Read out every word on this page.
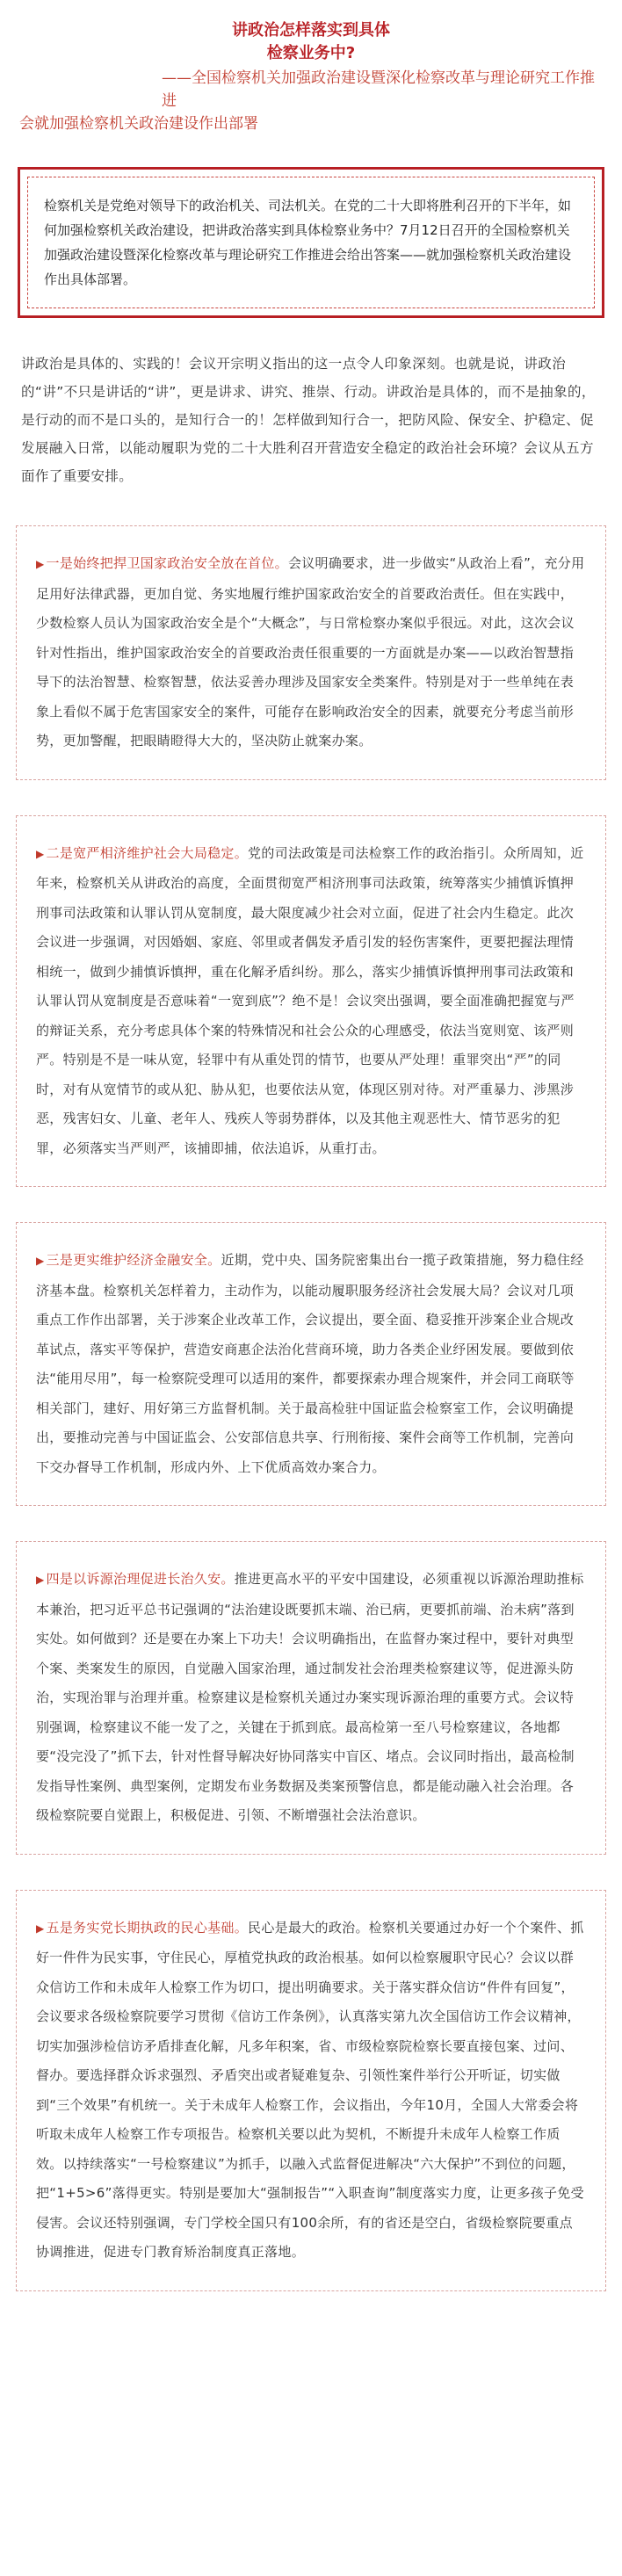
讲政治怎样落实到具体
检察业务中?
——全国检察机关加强政治建设暨深化检察改革与理论研究工作推进
会就加强检察机关政治建设作出部署
检察机关是党绝对领导下的政治机关、司法机关。在党的二十大即将胜利召开的下半年，如何加强检察机关政治建设，把讲政治落实到具体检察业务中？7月12日召开的全国检察机关加强政治建设暨深化检察改革与理论研究工作推进会给出答案——就加强检察机关政治建设作出具体部署。

讲政治是具体的、实践的！会议开宗明义指出的这一点令人印象深刻。也就是说，讲政治的“讲”不只是讲话的“讲”，更是讲求、讲究、推崇、行动。讲政治是具体的，而不是抽象的，是行动的而不是口头的，是知行合一的！怎样做到知行合一，把防风险、保安全、护稳定、促发展融入日常，以能动履职为党的二十大胜利召开营造安全稳定的政治社会环境？会议从五方面作了重要安排。

▶ 一是始终把捍卫国家政治安全放在首位。会议明确要求，进一步做实“从政治上看”，充分用足用好法律武器，更加自觉、务实地履行维护国家政治安全的首要政治责任。但在实践中，少数检察人员认为国家政治安全是个“大概念”，与日常检察办案似乎很远。对此，这次会议针对性指出，维护国家政治安全的首要政治责任很重要的一方面就是办案——以政治智慧指导下的法治智慧、检察智慧，依法妥善办理涉及国家安全类案件。特别是对于一些单纯在表象上看似不属于危害国家安全的案件，可能存在影响政治安全的因素，就要充分考虑当前形势，更加警醒，把眼睛瞪得大大的，坚决防止就案办案。
▶ 二是宽严相济维护社会大局稳定。党的司法政策是司法检察工作的政治指引。众所周知，近年来，检察机关从讲政治的高度，全面贯彻宽严相济刑事司法政策，统筹落实少捕慎诉慎押刑事司法政策和认罪认罚从宽制度，最大限度减少社会对立面，促进了社会内生稳定。此次会议进一步强调，对因婚姻、家庭、邻里或者偶发矛盾引发的轻伤害案件，更要把握法理情相统一，做到少捕慎诉慎押，重在化解矛盾纠纷。那么，落实少捕慎诉慎押刑事司法政策和认罪认罚从宽制度是否意味着“一宽到底”？绝不是！会议突出强调，要全面准确把握宽与严的辩证关系，充分考虑具体个案的特殊情况和社会公众的心理感受，依法当宽则宽、该严则严。特别是不是一味从宽，轻罪中有从重处罚的情节，也要从严处理！重罪突出“严”的同时，对有从宽情节的或从犯、胁从犯，也要依法从宽，体现区别对待。对严重暴力、涉黑涉恶，残害妇女、儿童、老年人、残疾人等弱势群体，以及其他主观恶性大、情节恶劣的犯罪，必须落实当严则严，该捕即捕，依法追诉，从重打击。
▶ 三是更实维护经济金融安全。近期，党中央、国务院密集出台一揽子政策措施，努力稳住经济基本盘。检察机关怎样着力，主动作为，以能动履职服务经济社会发展大局？会议对几项重点工作作出部署，关于涉案企业改革工作，会议提出，要全面、稳妥推开涉案企业合规改革试点，落实平等保护，营造安商惠企法治化营商环境，助力各类企业纾困发展。要做到依法“能用尽用”，每一检察院受理可以适用的案件，都要探索办理合规案件，并会同工商联等相关部门，建好、用好第三方监督机制。关于最高检驻中国证监会检察室工作，会议明确提出，要推动完善与中国证监会、公安部信息共享、行刑衔接、案件会商等工作机制，完善向下交办督导工作机制，形成内外、上下优质高效办案合力。
▶ 四是以诉源治理促进长治久安。推进更高水平的平安中国建设，必须重视以诉源治理助推标本兼治，把习近平总书记强调的“法治建设既要抓末端、治已病，更要抓前端、治未病”落到实处。如何做到？还是要在办案上下功夫！会议明确指出，在监督办案过程中，要针对典型个案、类案发生的原因，自觉融入国家治理，通过制发社会治理类检察建议等，促进源头防治，实现治罪与治理并重。检察建议是检察机关通过办案实现诉源治理的重要方式。会议特别强调，检察建议不能一发了之，关键在于抓到底。最高检第一至八号检察建议，各地都要“没完没了”抓下去，针对性督导解决好协同落实中盲区、堵点。会议同时指出，最高检制发指导性案例、典型案例，定期发布业务数据及类案预警信息，都是能动融入社会治理。各级检察院要自觉跟上，积极促进、引领、不断增强社会法治意识。
▶ 五是务实党长期执政的民心基础。民心是最大的政治。检察机关要通过办好一个个案件、抓好一件件为民实事，守住民心，厚植党执政的政治根基。如何以检察履职守民心？会议以群众信访工作和未成年人检察工作为切口，提出明确要求。关于落实群众信访“件件有回复”，会议要求各级检察院要学习贯彻《信访工作条例》，认真落实第九次全国信访工作会议精神，切实加强涉检信访矛盾排查化解，凡多年积案，省、市级检察院检察长要直接包案、过问、督办。要选择群众诉求强烈、矛盾突出或者疑难复杂、引领性案件举行公开听证，切实做到“三个效果”有机统一。关于未成年人检察工作，会议指出，今年10月，全国人大常委会将听取未成年人检察工作专项报告。检察机关要以此为契机，不断提升未成年人检察工作质效。以持续落实“一号检察建议”为抓手，以融入式监督促进解决“六大保护”不到位的问题，把“1+5>6”落得更实。特别是要加大“强制报告”“入职查询”制度落实力度，让更多孩子免受侵害。会议还特别强调，专门学校全国只有100余所，有的省还是空白，省级检察院要重点协调推进，促进专门教育矫治制度真正落地。
